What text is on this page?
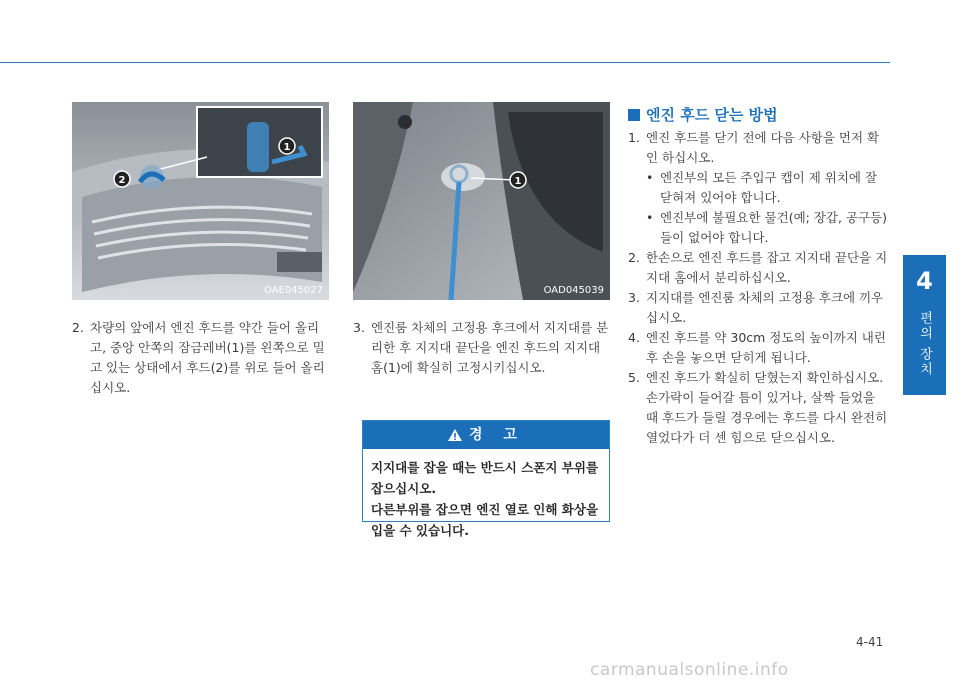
4
편의 장치
1
2
OAE045027
1
OAD045039
2. 차량의 앞에서 엔진 후드를 약간 들어 올리고, 중앙 안쪽의 잠금레버(1)를 왼쪽으로 밀고 있는 상태에서 후드(2)를 위로 들어 올리십시오.
3. 엔진룸 차체의 고정용 후크에서 지지대를 분리한 후 지지대 끝단을 엔진 후드의 지지대 홈(1)에 확실히 고정시키십시오.
경 고
지지대를 잡을 때는 반드시 스폰지 부위를 잡으십시오.
다른부위를 잡으면 엔진 열로 인해 화상을 입을 수 있습니다.
엔진 후드 닫는 방법
1. 엔진 후드를 닫기 전에 다음 사항을 먼저 확인 하십시오.
• 엔진부의 모든 주입구 캡이 제 위치에 잘 닫혀져 있어야 합니다.
• 엔진부에 불필요한 물건(예; 장갑, 공구등) 들이 없어야 합니다.
2. 한손으로 엔진 후드를 잡고 지지대 끝단을 지지대 홈에서 분리하십시오.
3. 지지대를 엔진룸 차체의 고정용 후크에 끼우십시오.
4. 엔진 후드를 약 30cm 정도의 높이까지 내린 후 손을 놓으면 닫히게 됩니다.
5. 엔진 후드가 확실히 닫혔는지 확인하십시오. 손가락이 들어갈 틈이 있거나, 살짝 들었을 때 후드가 들릴 경우에는 후드를 다시 완전히 열었다가 더 센 힘으로 닫으십시오.
4-41
carmanualsonline.info
